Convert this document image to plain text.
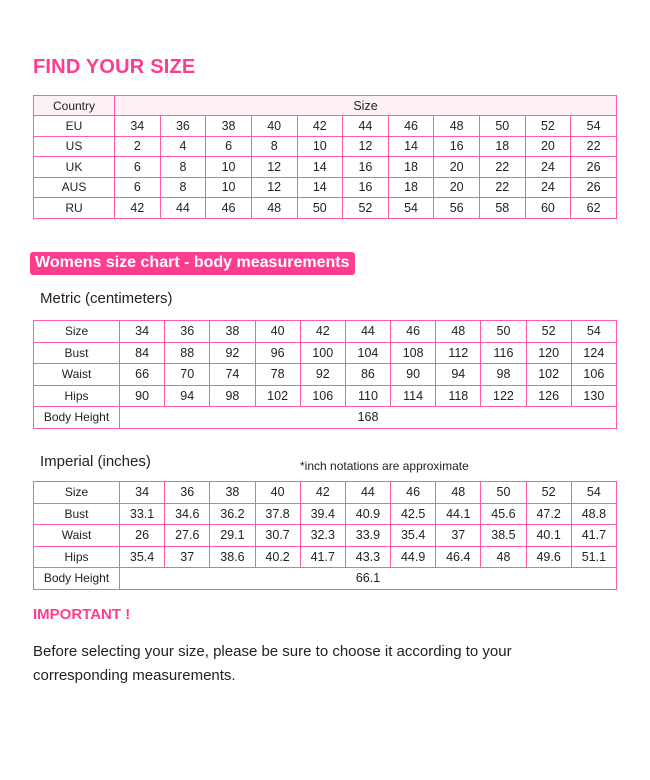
FIND YOUR SIZE
Country	Size										
EU	34	36	38	40	42	44	46	48	50	52	54
US	2	4	6	8	10	12	14	16	18	20	22
UK	6	8	10	12	14	16	18	20	22	24	26
AUS	6	8	10	12	14	16	18	20	22	24	26
RU	42	44	46	48	50	52	54	56	58	60	62
Womens size chart - body measurements
Metric (centimeters)
Size	34	36	38	40	42	44	46	48	50	52	54
Bust	84	88	92	96	100	104	108	112	116	120	124
Waist	66	70	74	78	92	86	90	94	98	102	106
Hips	90	94	98	102	106	110	114	118	122	126	130
Body Height	168										
Imperial (inches)	*inch notations are approximate
Size	34	36	38	40	42	44	46	48	50	52	54
Bust	33.1	34.6	36.2	37.8	39.4	40.9	42.5	44.1	45.6	47.2	48.8
Waist	26	27.6	29.1	30.7	32.3	33.9	35.4	37	38.5	40.1	41.7
Hips	35.4	37	38.6	40.2	41.7	43.3	44.9	46.4	48	49.6	51.1
Body Height	66.1										
IMPORTANT !
Before selecting your size, please be sure to choose it according to your corresponding measurements.
